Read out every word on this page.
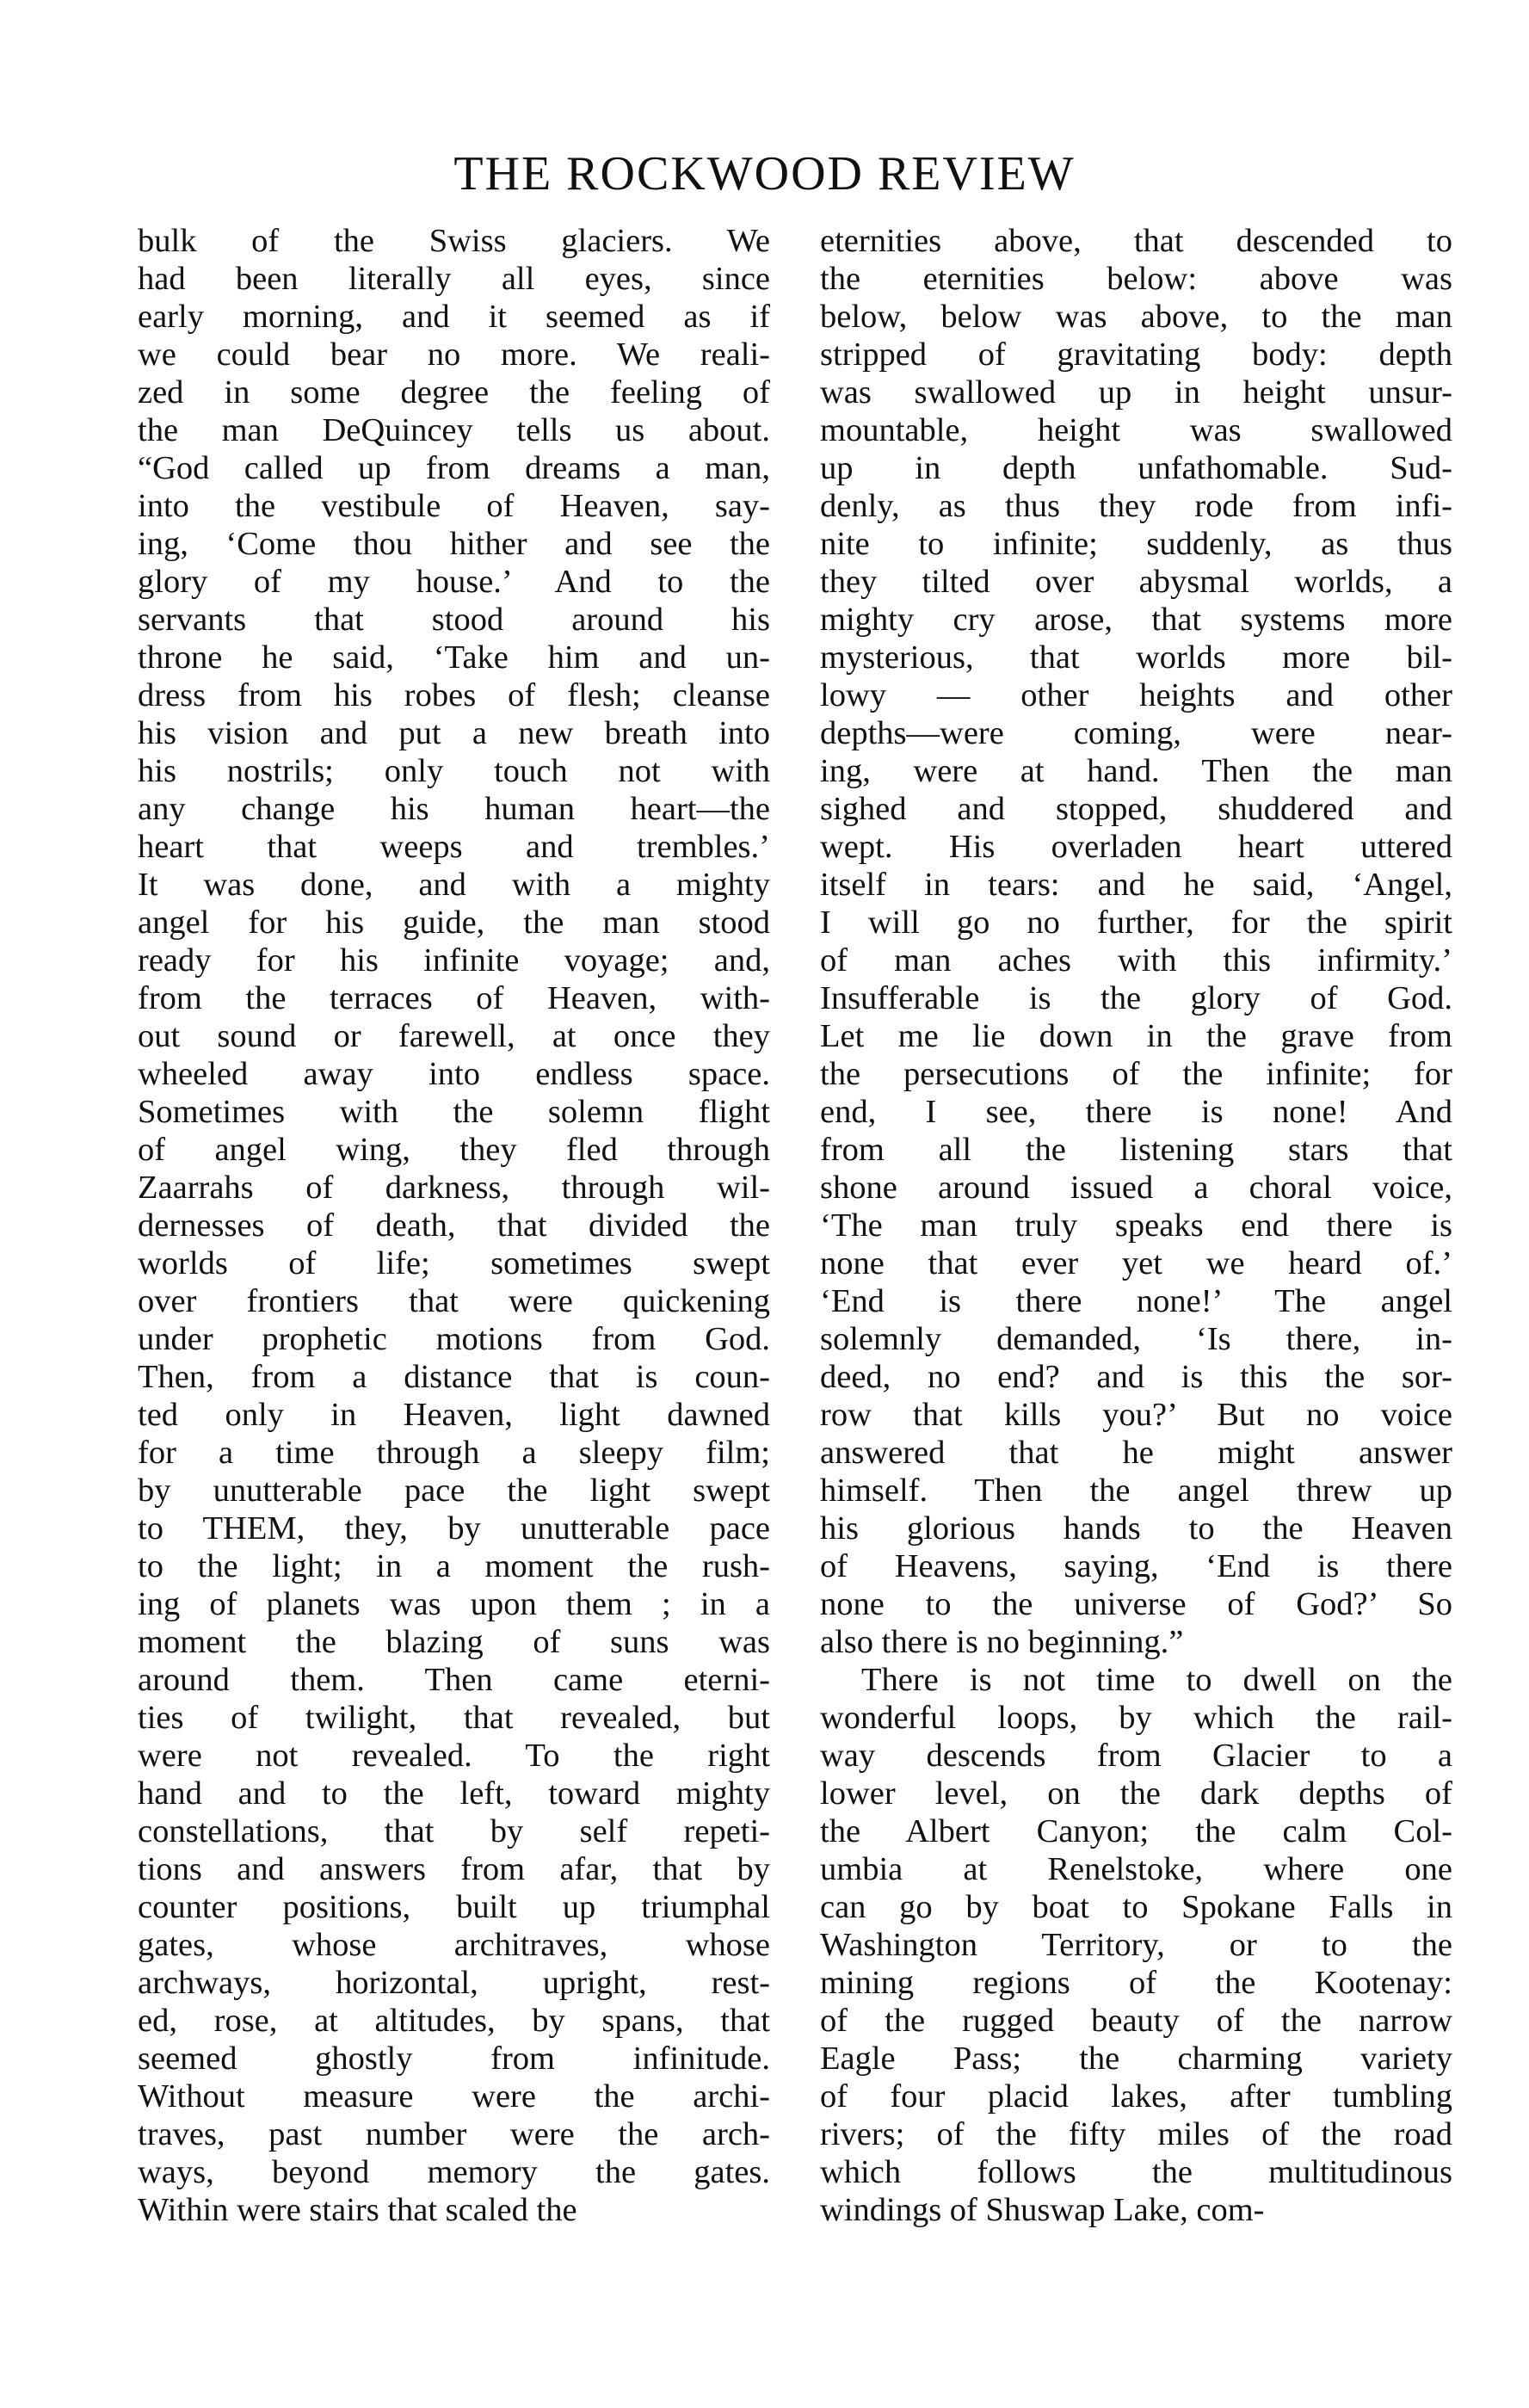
THE ROCKWOOD REVIEW
bulk of the Swiss glaciers. We
had been literally all eyes, since
early morning, and it seemed as if
we could bear no more. We reali-
zed in some degree the feeling of
the man DeQuincey tells us about.
“God called up from dreams a man,
into the vestibule of Heaven, say-
ing, ‘Come thou hither and see the
glory of my house.’ And to the
servants that stood around his
throne he said, ‘Take him and un-
dress from his robes of flesh; cleanse
his vision and put a new breath into
his nostrils; only touch not with
any change his human heart—the
heart that weeps and trembles.’
It was done, and with a mighty
angel for his guide, the man stood
ready for his infinite voyage; and,
from the terraces of Heaven, with-
out sound or farewell, at once they
wheeled away into endless space.
Sometimes with the solemn flight
of angel wing, they fled through
Zaarrahs of darkness, through wil-
dernesses of death, that divided the
worlds of life; sometimes swept
over frontiers that were quickening
under prophetic motions from God.
Then, from a distance that is coun-
ted only in Heaven, light dawned
for a time through a sleepy film;
by unutterable pace the light swept
to THEM, they, by unutterable pace
to the light; in a moment the rush-
ing of planets was upon them ; in a
moment the blazing of suns was
around them. Then came eterni-
ties of twilight, that revealed, but
were not revealed. To the right
hand and to the left, toward mighty
constellations, that by self repeti-
tions and answers from afar, that by
counter positions, built up triumphal
gates, whose architraves, whose
archways, horizontal, upright, rest-
ed, rose, at altitudes, by spans, that
seemed ghostly from infinitude.
Without measure were the archi-
traves, past number were the arch-
ways, beyond memory the gates.
Within were stairs that scaled the
eternities above, that descended to
the eternities below: above was
below, below was above, to the man
stripped of gravitating body: depth
was swallowed up in height unsur-
mountable, height was swallowed
up in depth unfathomable. Sud-
denly, as thus they rode from infi-
nite to infinite; suddenly, as thus
they tilted over abysmal worlds, a
mighty cry arose, that systems more
mysterious, that worlds more bil-
lowy — other heights and other
depths—were coming, were near-
ing, were at hand. Then the man
sighed and stopped, shuddered and
wept. His overladen heart uttered
itself in tears: and he said, ‘Angel,
I will go no further, for the spirit
of man aches with this infirmity.’
Insufferable is the glory of God.
Let me lie down in the grave from
the persecutions of the infinite; for
end, I see, there is none! And
from all the listening stars that
shone around issued a choral voice,
‘The man truly speaks end there is
none that ever yet we heard of.’
‘End is there none!’ The angel
solemnly demanded, ‘Is there, in-
deed, no end? and is this the sor-
row that kills you?’ But no voice
answered that he might answer
himself. Then the angel threw up
his glorious hands to the Heaven
of Heavens, saying, ‘End is there
none to the universe of God?’ So
also there is no beginning.”
There is not time to dwell on the
wonderful loops, by which the rail-
way descends from Glacier to a
lower level, on the dark depths of
the Albert Canyon; the calm Col-
umbia at Renelstoke, where one
can go by boat to Spokane Falls in
Washington Territory, or to the
mining regions of the Kootenay:
of the rugged beauty of the narrow
Eagle Pass; the charming variety
of four placid lakes, after tumbling
rivers; of the fifty miles of the road
which follows the multitudinous
windings of Shuswap Lake, com-
